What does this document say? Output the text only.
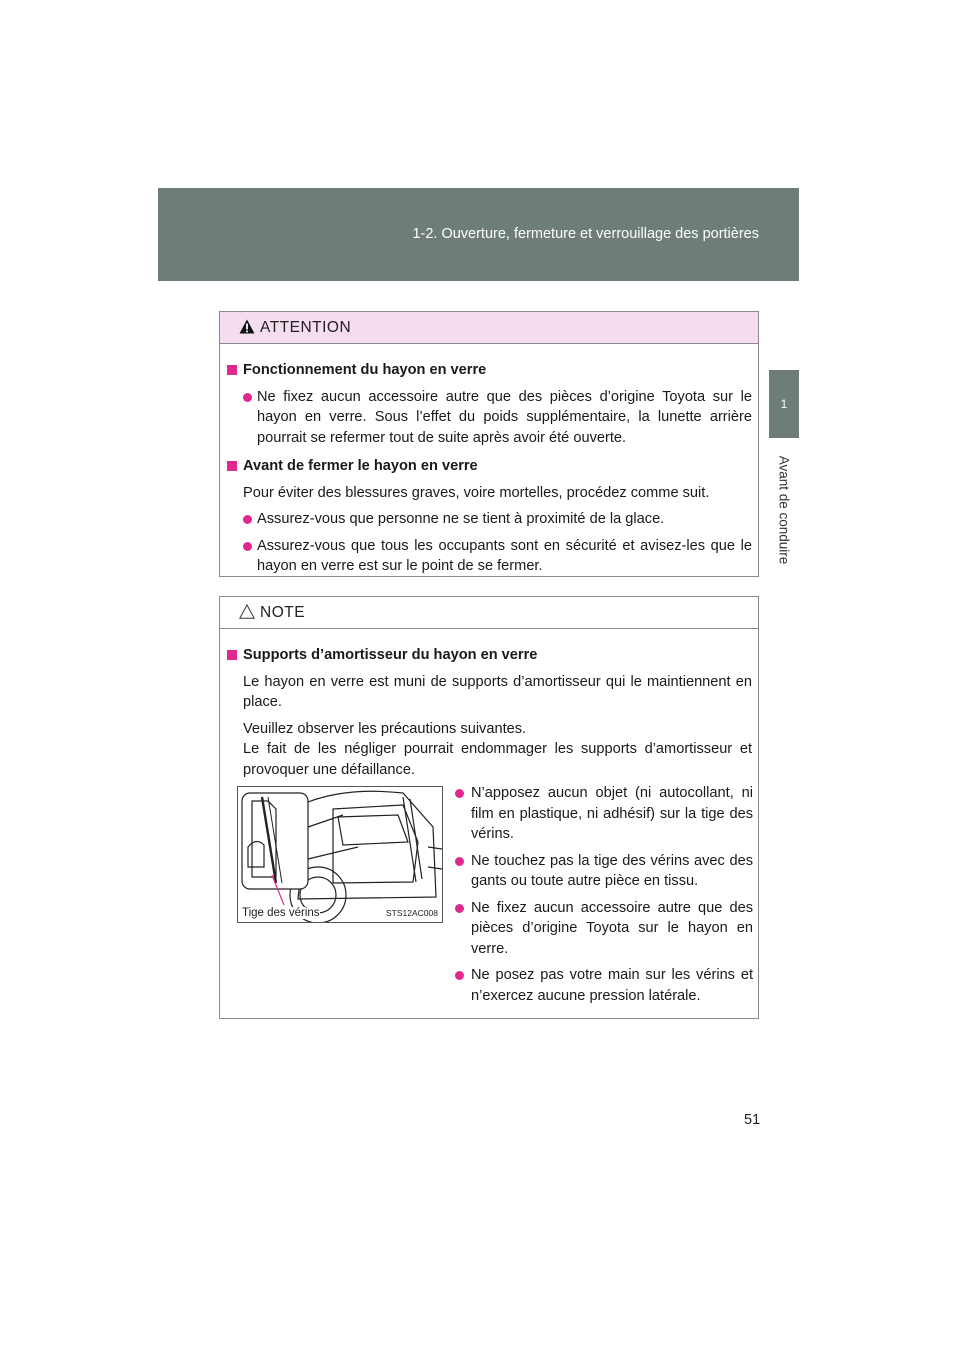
1-2. Ouverture, fermeture et verrouillage des portières
1
Avant de conduire
ATTENTION
Fonctionnement du hayon en verre
Ne fixez aucun accessoire autre que des pièces d’origine Toyota sur le hayon en verre. Sous l’effet du poids supplémentaire, la lunette arrière pourrait se refermer tout de suite après avoir été ouverte.
Avant de fermer le hayon en verre
Pour éviter des blessures graves, voire mortelles, procédez comme suit.
Assurez-vous que personne ne se tient à proximité de la glace.
Assurez-vous que tous les occupants sont en sécurité et avisez-les que le hayon en verre est sur le point de se fermer.
NOTE
Supports d’amortisseur du hayon en verre
Le hayon en verre est muni de supports d’amortisseur qui le maintiennent en place.
Veuillez observer les précautions suivantes.
Le fait de les négliger pourrait endommager les supports d’amortisseur et provoquer une défaillance.
Tige des vérins	STS12AC008
N’apposez aucun objet (ni autocollant, ni film en plastique, ni adhésif) sur la tige des vérins.
Ne touchez pas la tige des vérins avec des gants ou toute autre pièce en tissu.
Ne fixez aucun accessoire autre que des pièces d’origine Toyota sur le hayon en verre.
Ne posez pas votre main sur les vérins et n’exercez aucune pression latérale.
51
